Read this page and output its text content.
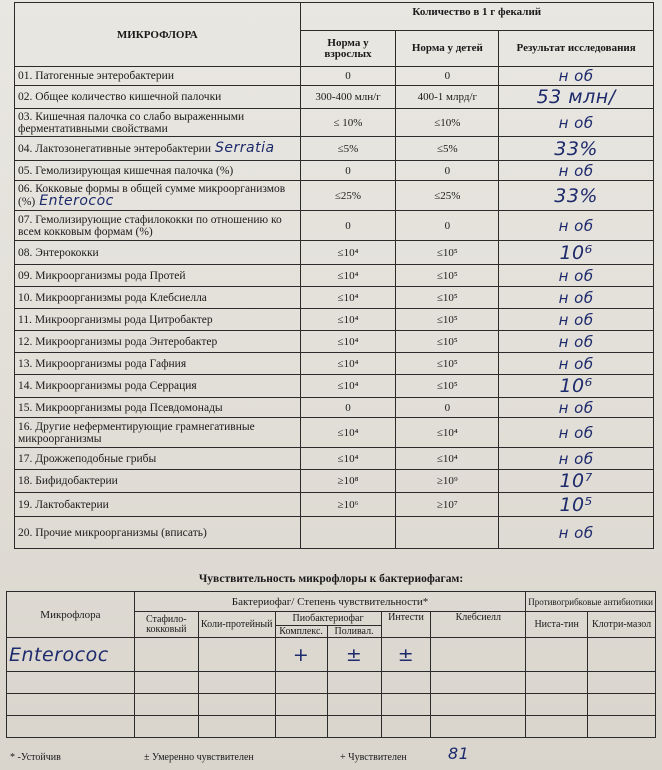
МИКРОФЛОРА	Количество в 1 г фекалий		
	Норма у взрослых	Норма у детей	Результат исследования
01. Патогенные энтеробактерии	0	0	н об
02. Общее количество кишечной палочки	300-400 млн/г	400-1 млрд/г	53 млн/
03. Кишечная палочка со слабо выраженными ферментативными свойствами	≤ 10%	≤10%	н об
04. Лактозонегативные энтеробактерии Serratia	≤5%	≤5%	33%
05. Гемолизирующая кишечная палочка (%)	0	0	н об
06. Кокковые формы в общей сумме микроорганизмов (%) Enterococ	≤25%	≤25%	33%
07. Гемолизирующие стафилококки по отношению ко всем кокковым формам (%)	0	0	н об
08. Энтерококки	≤10⁴	≤10⁵	10⁶
09. Микроорганизмы рода Протей	≤10⁴	≤10⁵	н об
10. Микроорганизмы рода Клебсиелла	≤10⁴	≤10⁵	н об
11. Микроорганизмы рода Цитробактер	≤10⁴	≤10⁵	н об
12. Микроорганизмы рода Энтеробактер	≤10⁴	≤10⁵	н об
13. Микроорганизмы рода Гафния	≤10⁴	≤10⁵	н об
14. Микроорганизмы рода Серрация	≤10⁴	≤10⁵	10⁶
15. Микроорганизмы рода Псевдомонады	0	0	н об
16. Другие неферментирующие грамнегативные микроорганизмы	≤10⁴	≤10⁴	н об
17. Дрожжеподобные грибы	≤10⁴	≤10⁴	н об
18. Бифидобактерии	≥10⁸	≥10⁹	10⁷
19. Лактобактерии	≥10⁶	≥10⁷	10⁵
20. Прочие микроорганизмы (вписать)			н об
Чувствительность микрофлоры к бактериофагам:
Микрофлора	Бактериофаг/ Степень чувствительности*						Противогрибковые антибиотики	
	Стафило-кокковый	Коли-протейный	Пиобактериофаг		Интести	Клебсиелл	Ниста-тин	Клотри-мазол
			Комплекс.	Поливал.				
Enterococ			+	±	±			

* -Устойчив	± Умеренно чувствителен	+ Чувствителен	81
